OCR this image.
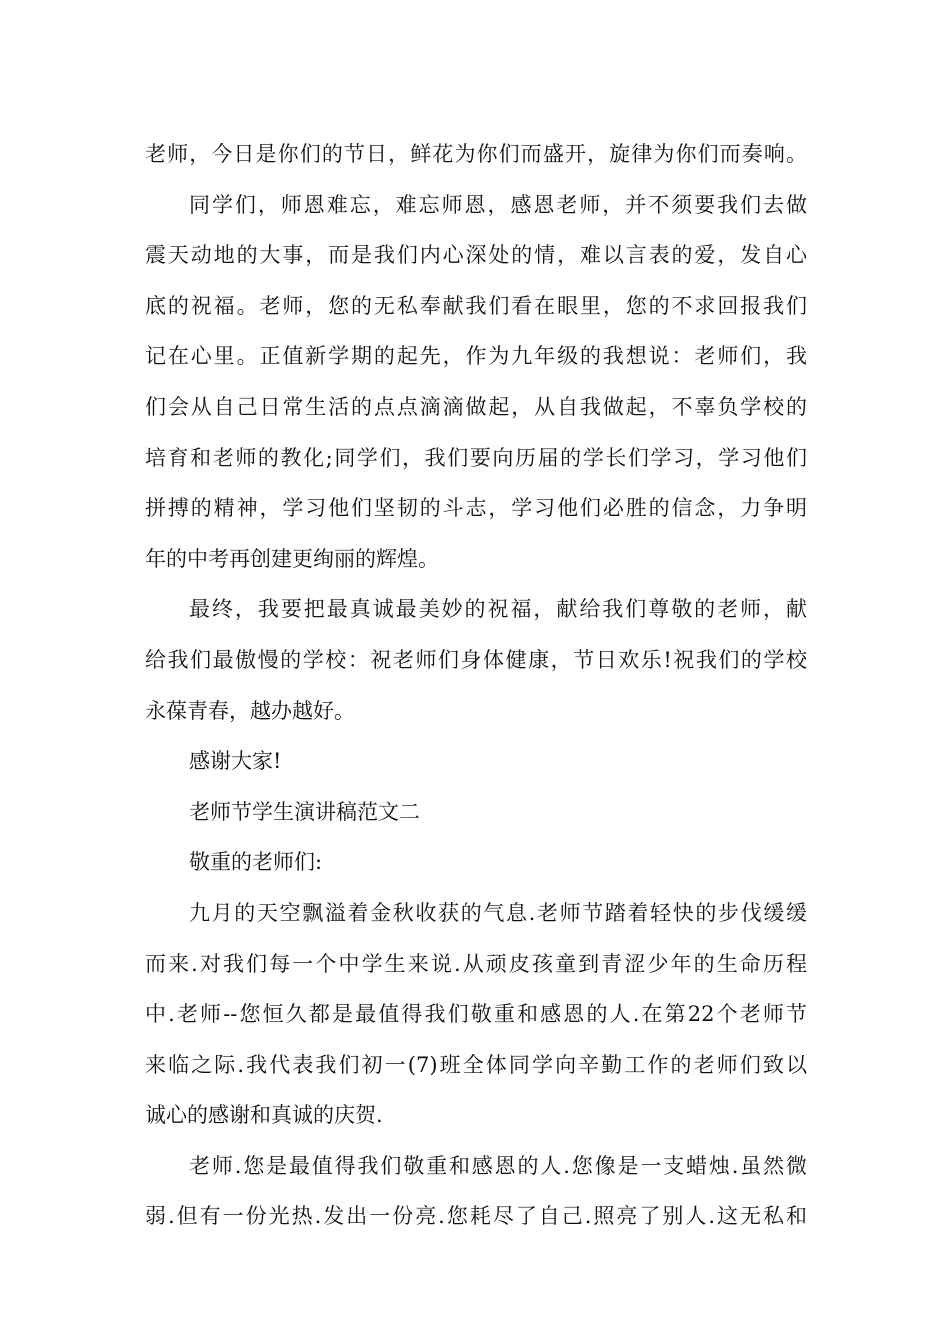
老师，今日是你们的节日，鲜花为你们而盛开，旋律为你们而奏响。
同学们，师恩难忘，难忘师恩，感恩老师，并不须要我们去做
震天动地的大事，而是我们内心深处的情，难以言表的爱，发自心
底的祝福。老师，您的无私奉献我们看在眼里，您的不求回报我们
记在心里。正值新学期的起先，作为九年级的我想说：老师们，我
们会从自己日常生活的点点滴滴做起，从自我做起，不辜负学校的
培育和老师的教化;同学们，我们要向历届的学长们学习，学习他们
拼搏的精神，学习他们坚韧的斗志，学习他们必胜的信念，力争明
年的中考再创建更绚丽的辉煌。
最终，我要把最真诚最美妙的祝福，献给我们尊敬的老师，献
给我们最傲慢的学校：祝老师们身体健康，节日欢乐!祝我们的学校
永葆青春，越办越好。
感谢大家!
老师节学生演讲稿范文二
敬重的老师们:
九月的天空飘溢着金秋收获的气息.老师节踏着轻快的步伐缓缓
而来.对我们每一个中学生来说.从顽皮孩童到青涩少年的生命历程
中.老师--您恒久都是最值得我们敬重和感恩的人.在第22个老师节
来临之际.我代表我们初一(7)班全体同学向辛勤工作的老师们致以
诚心的感谢和真诚的庆贺.
老师.您是最值得我们敬重和感恩的人.您像是一支蜡烛.虽然微
弱.但有一份光热.发出一份亮.您耗尽了自己.照亮了别人.这无私和
